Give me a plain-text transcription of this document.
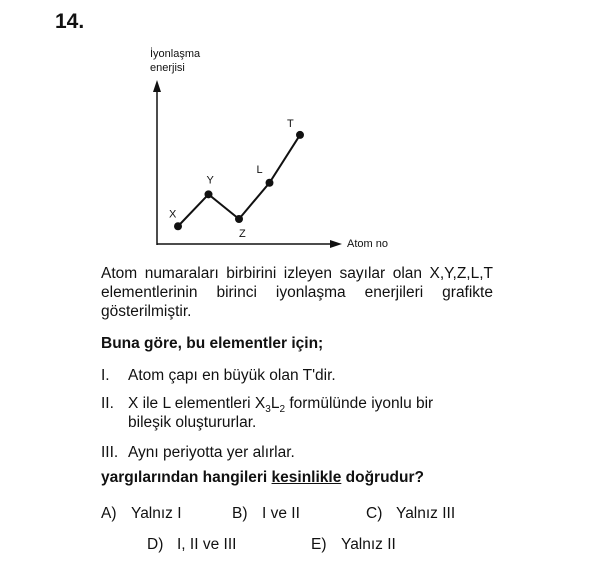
14.
İyonlaşma
enerjisi
Atom no
X
Y
Z
L
T
Atom numaraları birbirini izleyen sayılar olan X,Y,Z,L,T elementlerinin birinci iyonlaşma enerjileri grafikte gösterilmiştir.
Buna göre, bu elementler için;
I. Atom çapı en büyük olan T'dir.
II. X ile L elementleri $X_3L_2$ formülünde iyonlu bir
bileşik oluştururlar.
III. Aynı periyotta yer alırlar.
yargılarından hangileri kesinlikle doğrudur?
A) Yalnız I	B) I ve II	C) Yalnız III
D) I, II ve III	E) Yalnız II
